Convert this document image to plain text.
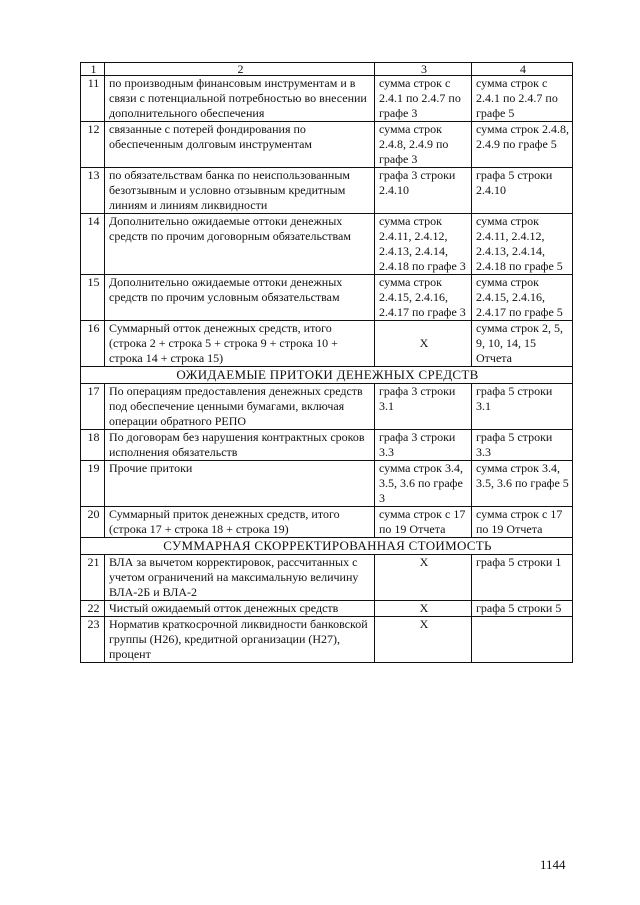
1	2	3	4
11	по производным финансовым инструментам и в связи с потенциальной потребностью во внесении дополнительного обеспечения	сумма строк с 2.4.1 по 2.4.7 по графе 3	сумма строк с 2.4.1 по 2.4.7 по графе 5
12	связанные с потерей фондирования по обеспеченным долговым инструментам	сумма строк 2.4.8, 2.4.9 по графе 3	сумма строк 2.4.8, 2.4.9 по графе 5
13	по обязательствам банка по неиспользованным безотзывным и условно отзывным кредитным линиям и линиям ликвидности	графа 3 строки 2.4.10	графа 5 строки 2.4.10
14	Дополнительно ожидаемые оттоки денежных средств по прочим договорным обязательствам	сумма строк 2.4.11, 2.4.12, 2.4.13, 2.4.14, 2.4.18 по графе 3	сумма строк 2.4.11, 2.4.12, 2.4.13, 2.4.14, 2.4.18 по графе 5
15	Дополнительно ожидаемые оттоки денежных средств по прочим условным обязательствам	сумма строк 2.4.15, 2.4.16, 2.4.17 по графе 3	сумма строк 2.4.15, 2.4.16, 2.4.17 по графе 5
16	Суммарный отток денежных средств, итого (строка 2 + строка 5 + строка 9 + строка 10 + строка 14 + строка 15)	X	сумма строк 2, 5, 9, 10, 14, 15 Отчета
ОЖИДАЕМЫЕ ПРИТОКИ ДЕНЕЖНЫХ СРЕДСТВ			
17	По операциям предоставления денежных средств под обеспечение ценными бумагами, включая операции обратного РЕПО	графа 3 строки 3.1	графа 5 строки 3.1
18	По договорам без нарушения контрактных сроков исполнения обязательств	графа 3 строки 3.3	графа 5 строки 3.3
19	Прочие притоки	сумма строк 3.4, 3.5, 3.6 по графе 3	сумма строк 3.4, 3.5, 3.6 по графе 5
20	Суммарный приток денежных средств, итого (строка 17 + строка 18 + строка 19)	сумма строк с 17 по 19 Отчета	сумма строк с 17 по 19 Отчета
СУММАРНАЯ СКОРРЕКТИРОВАННАЯ СТОИМОСТЬ			
21	ВЛА за вычетом корректировок, рассчитанных с учетом ограничений на максимальную величину ВЛА-2Б и ВЛА-2	X	графа 5 строки 1
22	Чистый ожидаемый отток денежных средств	X	графа 5 строки 5
23	Норматив краткосрочной ликвидности банковской группы (Н26), кредитной организации (Н27), процент	X	
1144
